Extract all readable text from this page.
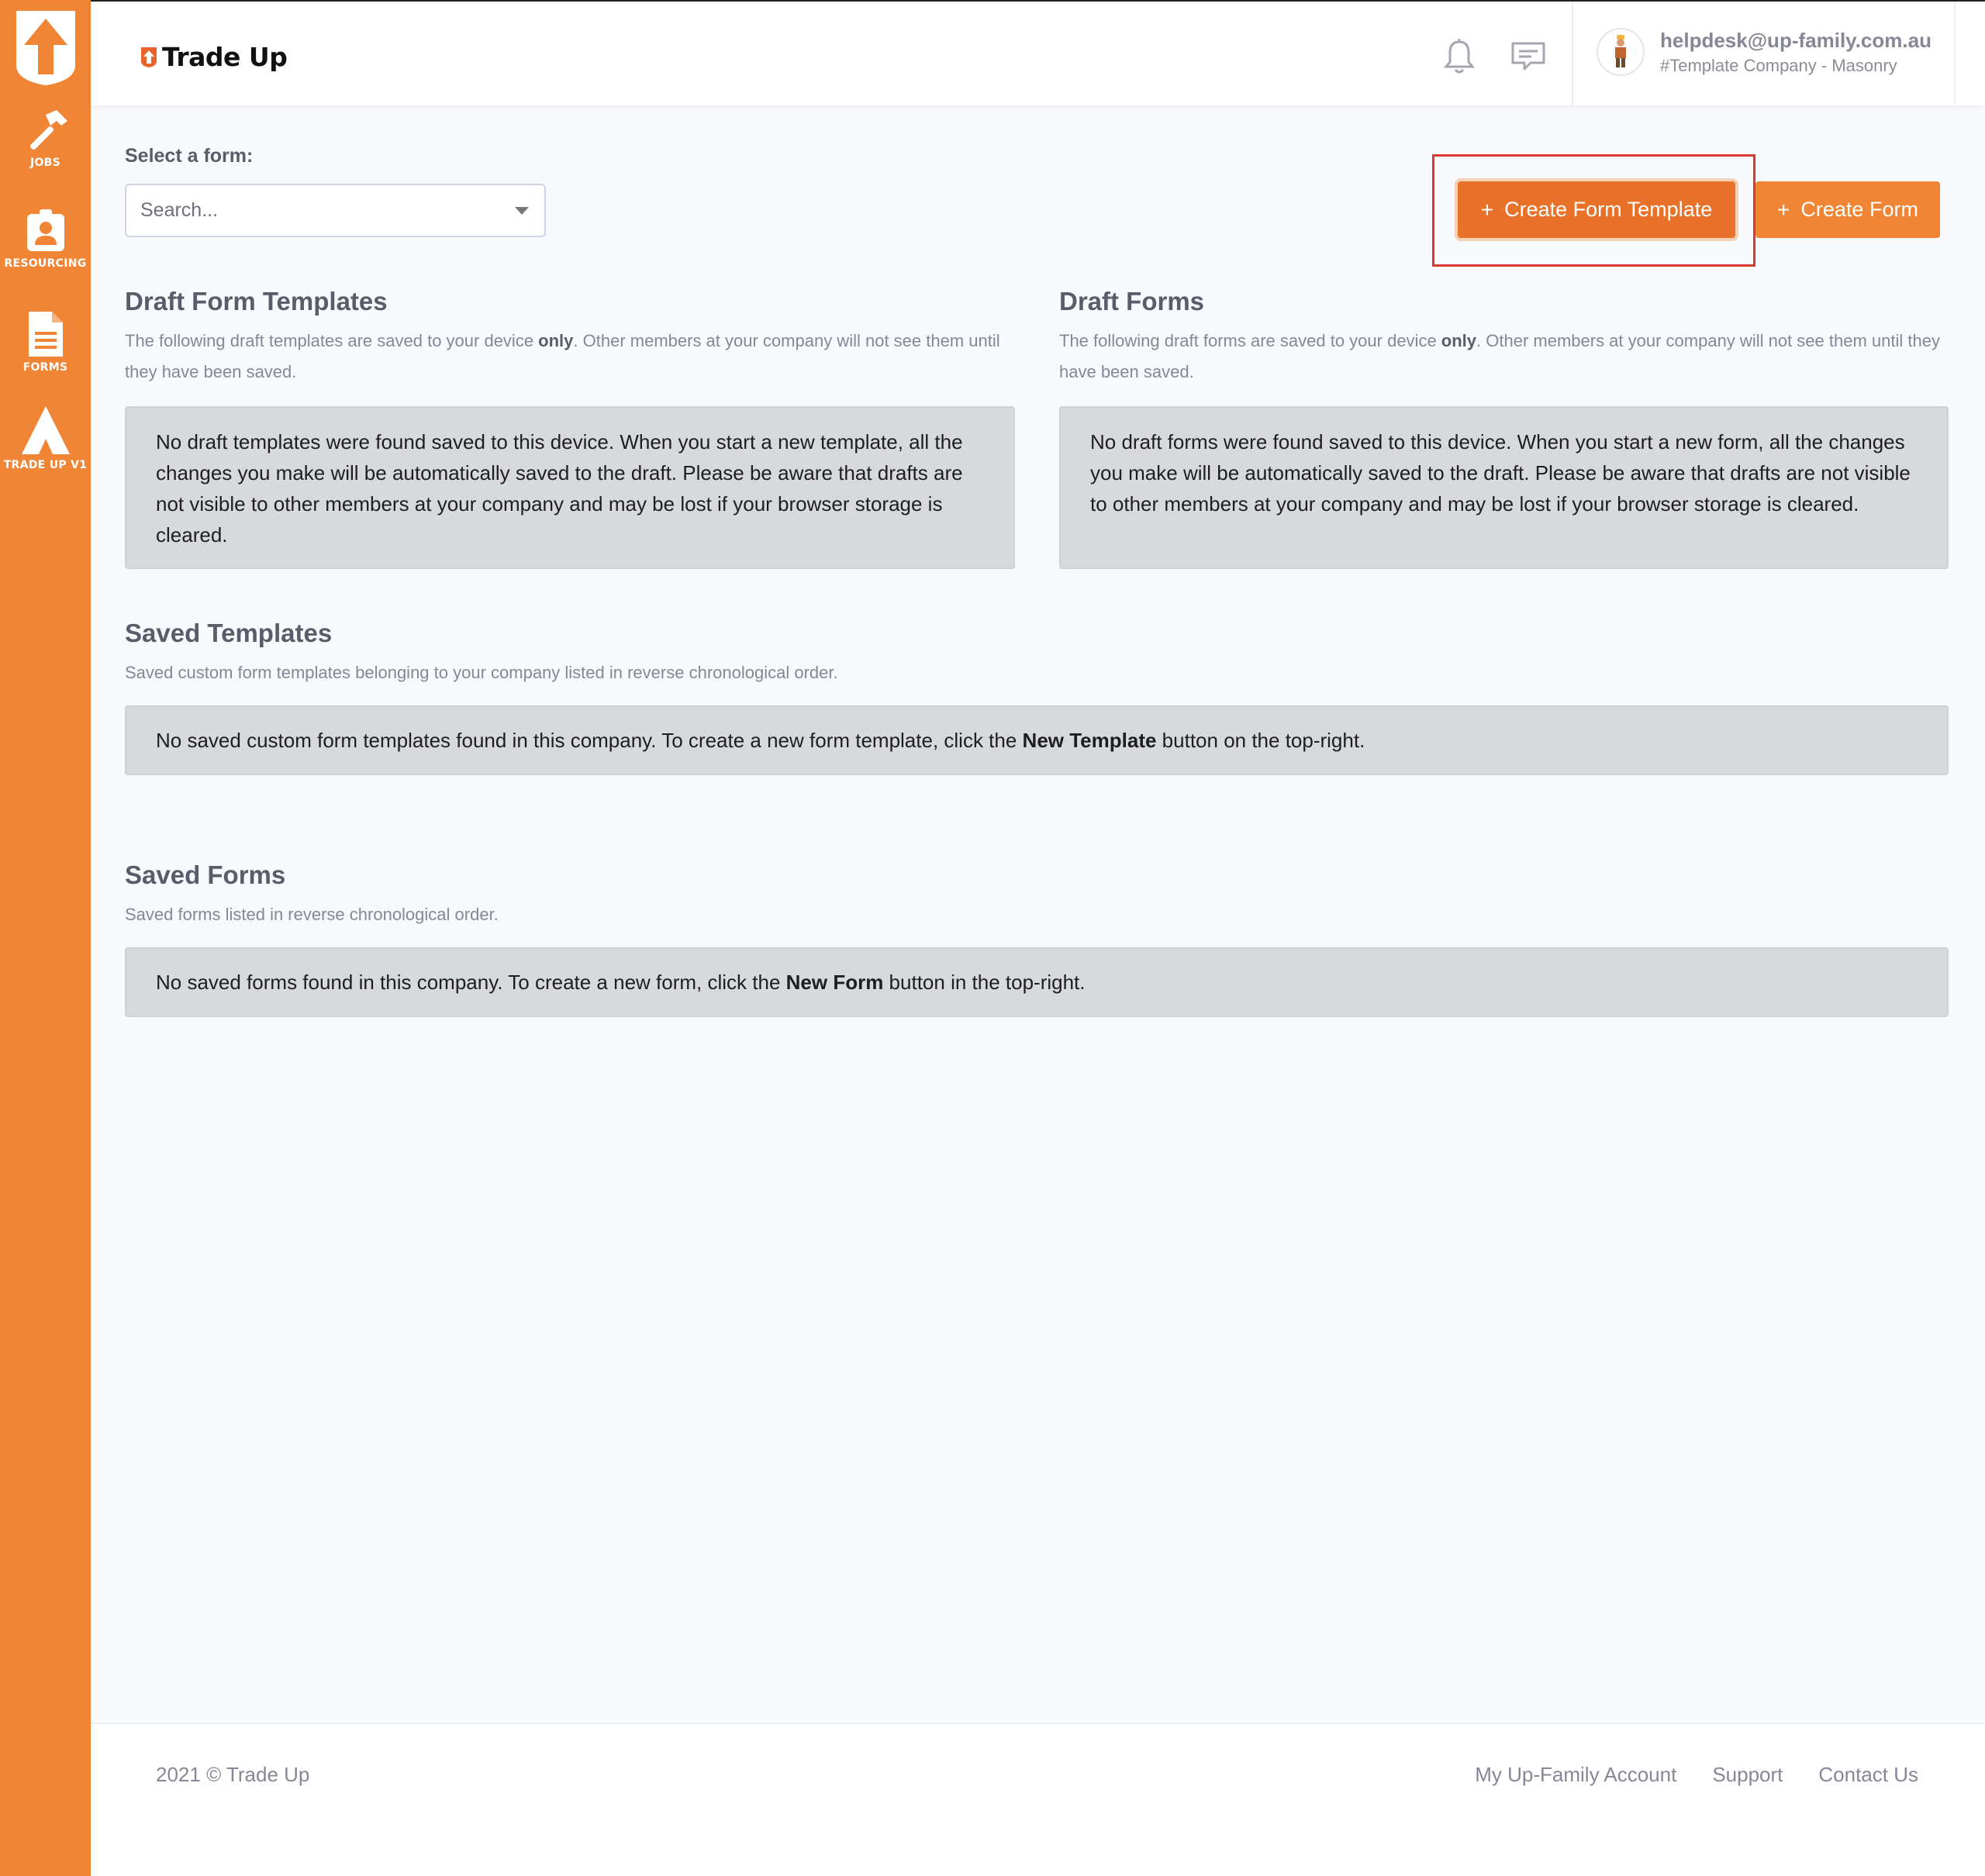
JOBS
RESOURCING
FORMS
TRADE UP V1
Trade Up
helpdesk@up-family.com.au
#Template Company - Masonry
Select a form:
Search...
+ Create Form Template	+ Create Form
Draft Form Templates

The following draft templates are saved to your device only. Other members at your company will not see them until they have been saved.

No draft templates were found saved to this device. When you start a new template, all the changes you make will be automatically saved to the draft. Please be aware that drafts are not visible to other members at your company and may be lost if your browser storage is cleared.
Draft Forms

The following draft forms are saved to your device only. Other members at your company will not see them until they have been saved.

No draft forms were found saved to this device. When you start a new form, all the changes you make will be automatically saved to the draft. Please be aware that drafts are not visible to other members at your company and may be lost if your browser storage is cleared.
Saved Templates

Saved custom form templates belonging to your company listed in reverse chronological order.

No saved custom form templates found in this company. To create a new form template, click the New Template button on the top-right.
Saved Forms

Saved forms listed in reverse chronological order.

No saved forms found in this company. To create a new form, click the New Form button in the top-right.
2021 © Trade Up	My Up-Family Account Support Contact Us
